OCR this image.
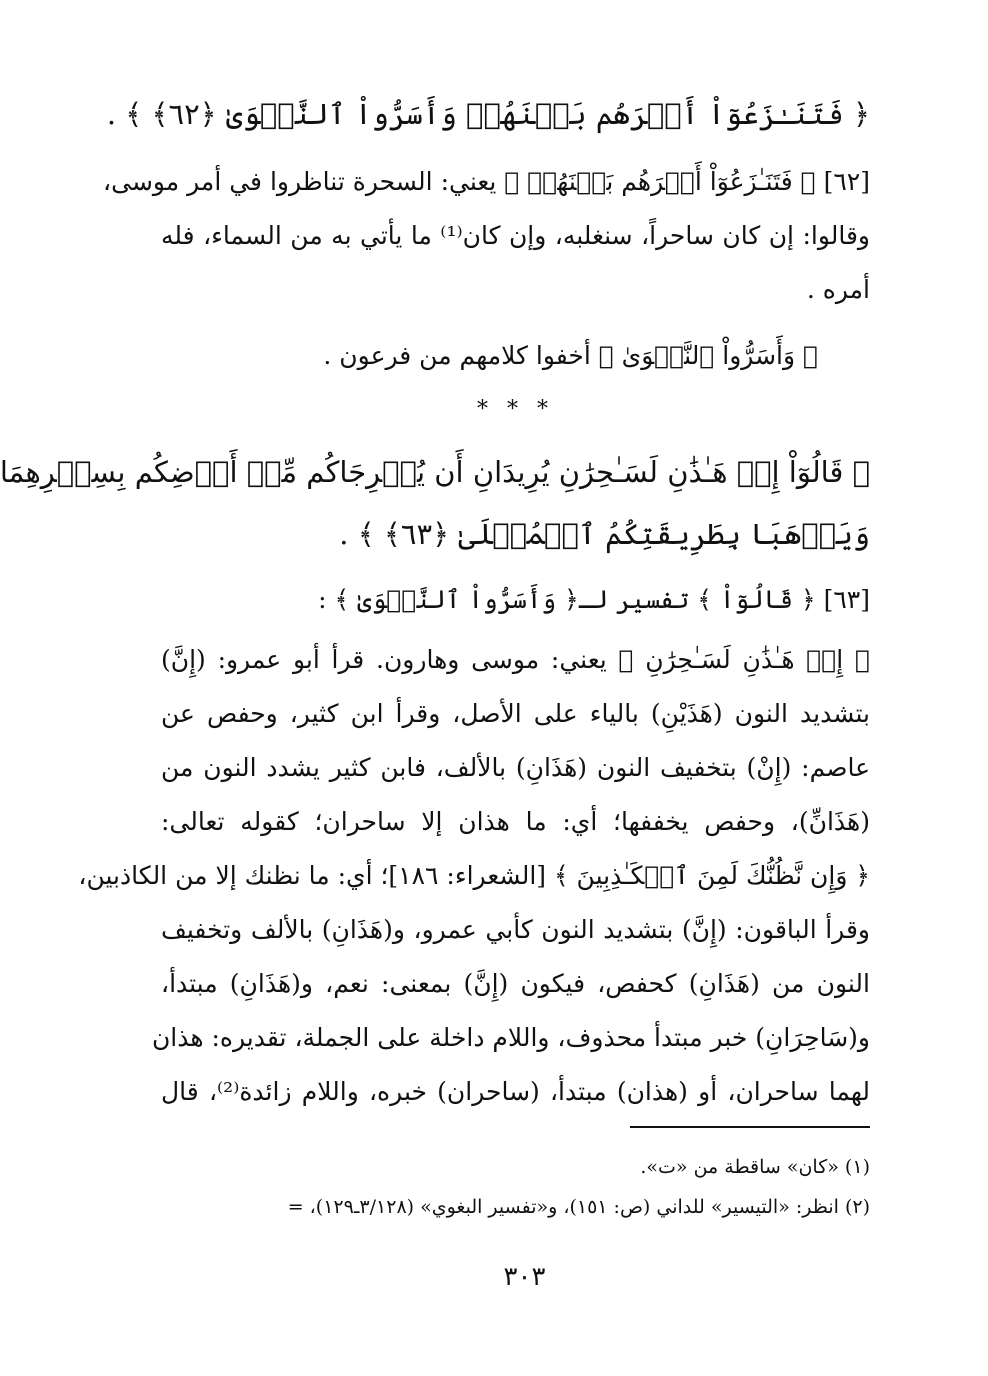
﴿ فَتَنَـٰزَعُوٓاْ أَمۡرَهُم بَيۡنَهُمۡ وَأَسَرُّواْ ٱلنَّجۡوَىٰ ﴿٦٢﴾ ﴾ .
[٦٢] ﴿ فَتَنَـٰزَعُوٓاْ أَمۡرَهُم بَيۡنَهُمۡ ﴾ يعني: السحرة تناظروا في أمر موسى،
وقالوا: إن كان ساحراً، سنغلبه، وإن كان⁽¹⁾ ما يأتي به من السماء، فله
أمره .
﴿ وَأَسَرُّواْ ٱلنَّجۡوَىٰ ﴾ أخفوا كلامهم من فرعون .
* * *
﴿ قَالُوٓاْ إِنۡ هَـٰذَٰنِ لَسَـٰحِرَٰنِ يُرِيدَانِ أَن يُخۡرِجَاكُم مِّنۡ أَرۡضِكُم بِسِحۡرِهِمَا
وَيَذۡهَبَا بِطَرِيقَتِكُمُ ٱلۡمُثۡلَىٰ ﴿٦٣﴾ ﴾ .
[٦٣] ﴿ قَالُوٓاْ ﴾ تفسير لـ﴿ وَأَسَرُّواْ ٱلنَّجۡوَىٰ ﴾ :
﴿ إِنۡ هَـٰذَٰنِ لَسَـٰحِرَٰنِ ﴾ يعني: موسى وهارون. قرأ أبو عمرو: (إِنَّ)
بتشديد النون (هَذَيْنِ) بالياء على الأصل، وقرأ ابن كثير، وحفص عن
عاصم: (إِنْ) بتخفيف النون (هَذَانِ) بالألف، فابن كثير يشدد النون من
(هَذَانِّ)، وحفص يخففها؛ أي: ما هذان إلا ساحران؛ كقوله تعالى:
﴿ وَإِن نَّظُنُّكَ لَمِنَ ٱلۡكَـٰذِبِينَ ﴾ [الشعراء: ١٨٦]؛ أي: ما نظنك إلا من الكاذبين،
وقرأ الباقون: (إِنَّ) بتشديد النون كأبي عمرو، و(هَذَانِ) بالألف وتخفيف
النون من (هَذَانِ) كحفص، فيكون (إِنَّ) بمعنى: نعم، و(هَذَانِ) مبتدأ،
و(سَاحِرَانِ) خبر مبتدأ محذوف، واللام داخلة على الجملة، تقديره: هذان
لهما ساحران، أو (هذان) مبتدأ، (ساحران) خبره، واللام زائدة⁽²⁾، قال
(١) «كان» ساقطة من «ت».
(٢) انظر: «التيسير» للداني (ص: ١٥١)، و«تفسير البغوي» (٣/١٢٨ـ١٢٩)، =
٣٠٣
